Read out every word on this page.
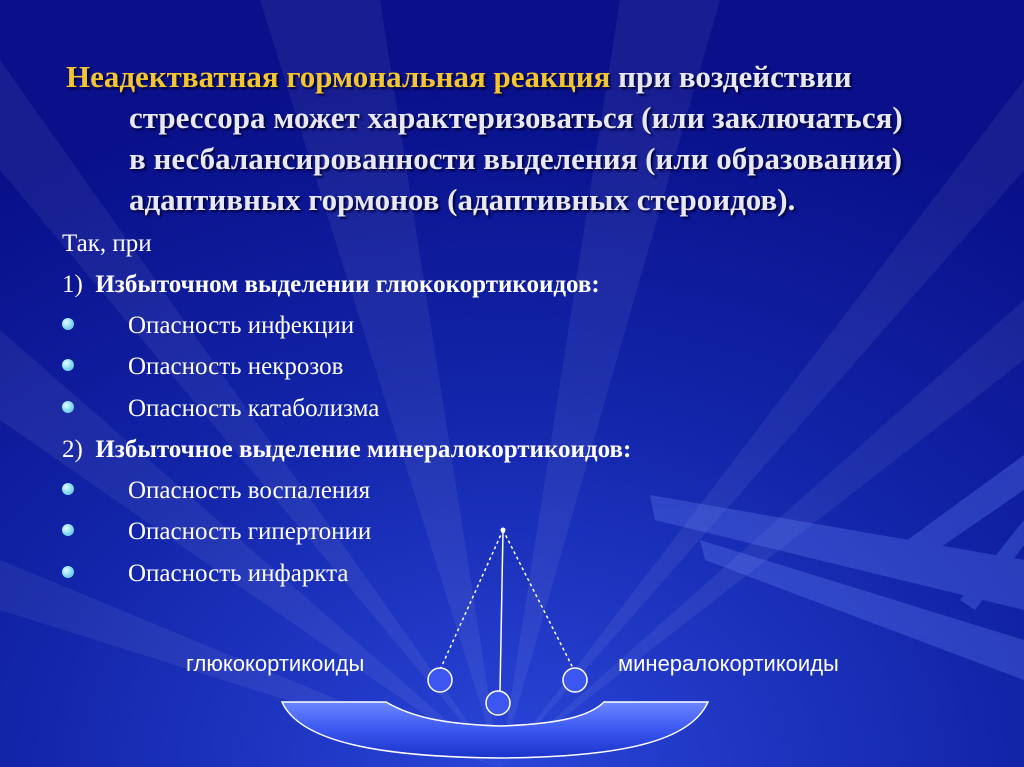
Неадектватная гормональная реакция при воздействии
стрессора может характеризоваться (или заключаться)
в несбалансированности выделения (или образования)
адаптивных гормонов (адаптивных стероидов).
Так, при
1) Избыточном выделении глюкокортикоидов:
Опасность инфекции
Опасность некрозов
Опасность катаболизма
2) Избыточное выделение минералокортикоидов:
Опасность воспаления
Опасность гипертонии
Опасность инфаркта
глюкокортикоиды	минералокортикоиды
